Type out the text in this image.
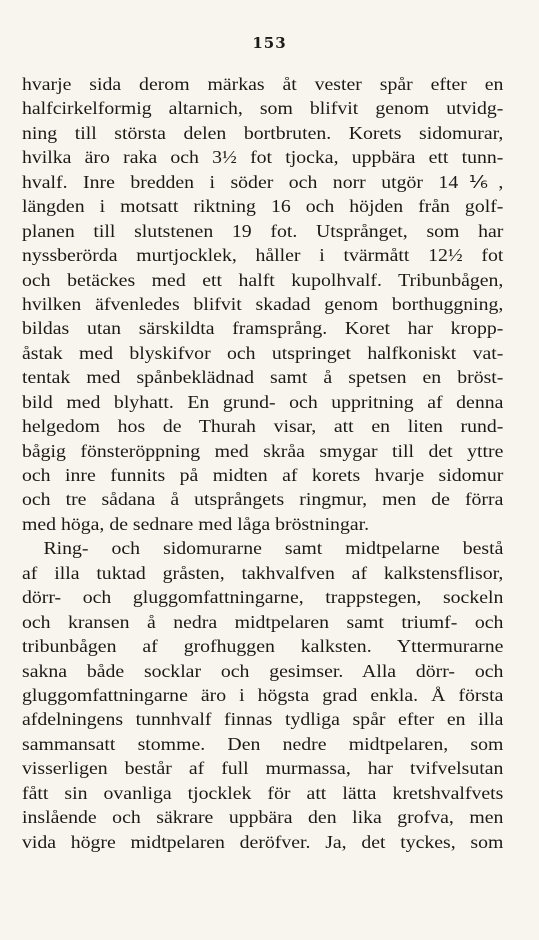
153
hvarje sida derom märkas åt vester spår efter en
halfcirkelformig altarnich, som blifvit genom utvidg-
ning till största delen bortbruten. Korets sidomurar,
hvilka äro raka och 3½ fot tjocka, uppbära ett tunn-
hvalf. Inre bredden i söder och norr utgör 14⅙,
längden i motsatt riktning 16 och höjden från golf-
planen till slutstenen 19 fot. Utsprånget, som har
nyssberörda murtjocklek, håller i tvärmått 12½ fot
och betäckes med ett halft kupolhvalf. Tribunbågen,
hvilken äfvenledes blifvit skadad genom borthuggning,
bildas utan särskildta framsprång. Koret har kropp-
åstak med blyskifvor och utspringet halfkoniskt vat-
tentak med spånbeklädnad samt å spetsen en bröst-
bild med blyhatt. En grund- och uppritning af denna
helgedom hos de Thurah visar, att en liten rund-
bågig fönsteröppning med skråa smygar till det yttre
och inre funnits på midten af korets hvarje sidomur
och tre sådana å utsprångets ringmur, men de förra
med höga, de sednare med låga bröstningar.
Ring- och sidomurarne samt midtpelarne bestå
af illa tuktad gråsten, takhvalfven af kalkstensflisor,
dörr- och gluggomfattningarne, trappstegen, sockeln
och kransen å nedra midtpelaren samt triumf- och
tribunbågen af grofhuggen kalksten. Yttermurarne
sakna både socklar och gesimser. Alla dörr- och
gluggomfattningarne äro i högsta grad enkla. Å första
afdelningens tunnhvalf finnas tydliga spår efter en illa
sammansatt stomme. Den nedre midtpelaren, som
visserligen består af full murmassa, har tvifvelsutan
fått sin ovanliga tjocklek för att lätta kretshvalfvets
inslående och säkrare uppbära den lika grofva, men
vida högre midtpelaren deröfver. Ja, det tyckes, som
